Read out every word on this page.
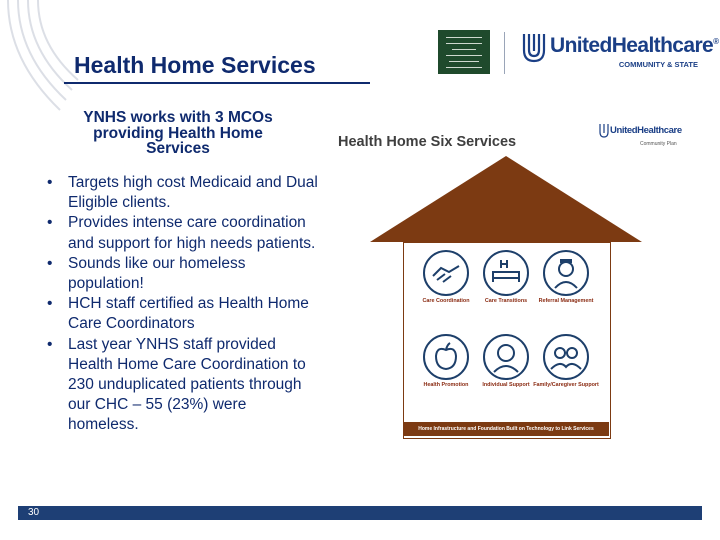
Health Home Services
UnitedHealthcare®
COMMUNITY & STATE
YNHS works with 3 MCOs providing Health Home Services
• Targets high cost Medicaid and Dual Eligible clients.
• Provides intense care coordination and support for high needs patients.
• Sounds like our homeless population!
• HCH staff certified as Health Home Care Coordinators
• Last year YNHS staff provided Health Home Care Coordination to 230 unduplicated patients through our CHC – 55 (23%) were homeless.
Health Home Six Services
UnitedHealthcare
Community Plan
Care Coordination	Care Transitions	Referral Management
Health Promotion	Individual Support Family/Caregiver Support
Home Infrastructure and Foundation Built on Technology to Link Services
30
